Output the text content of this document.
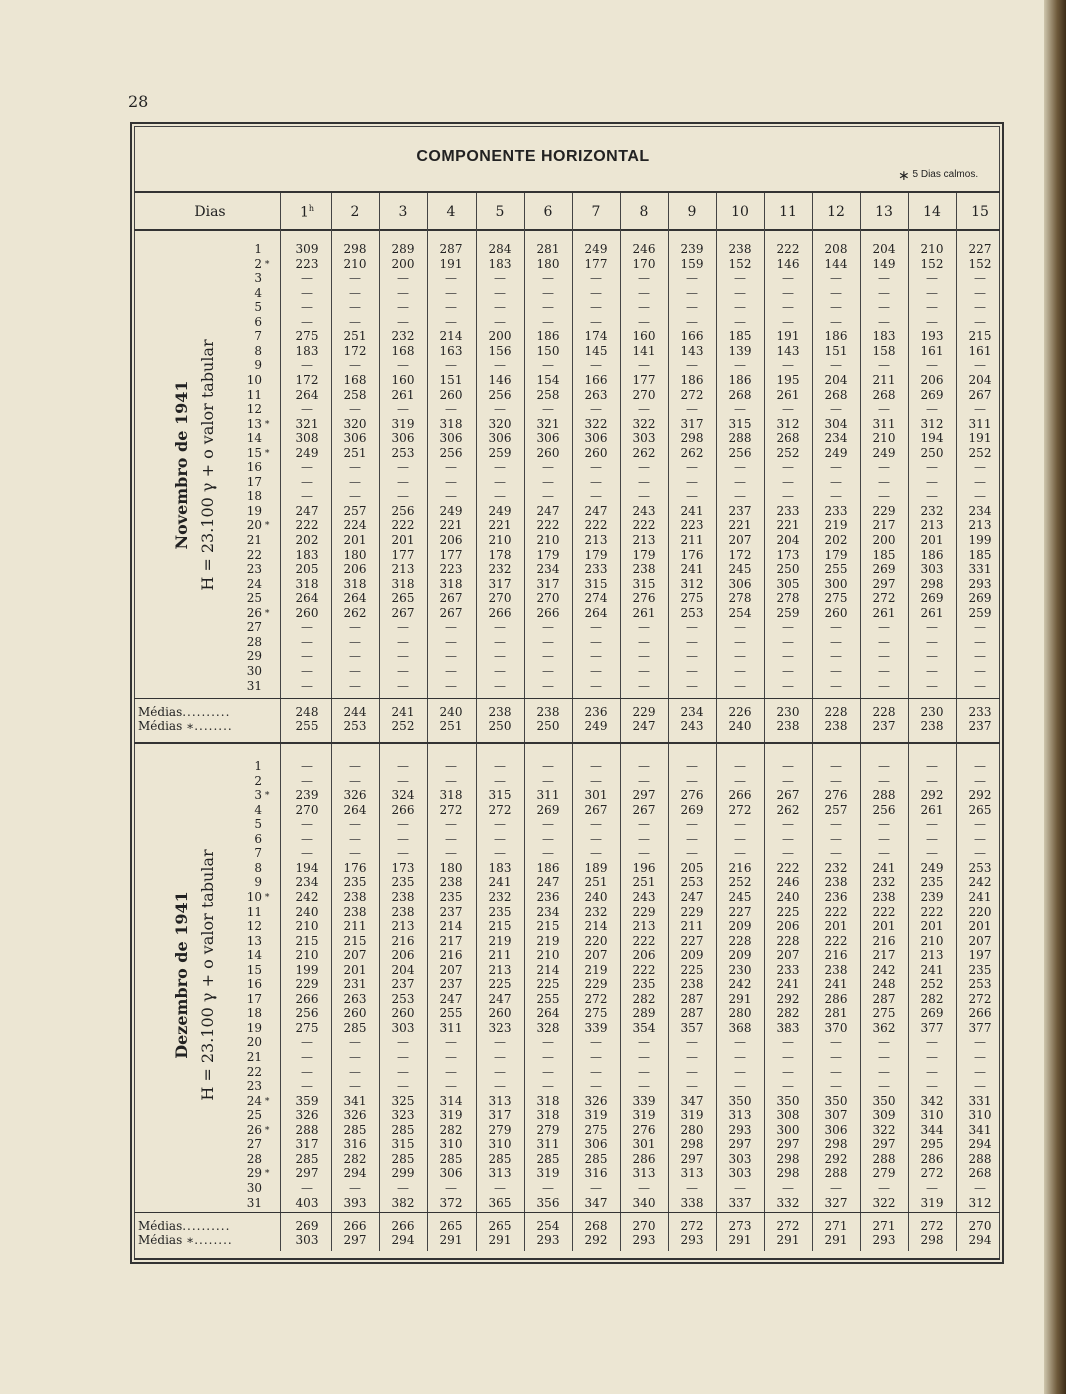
28
COMPONENTE HORIZONTAL
∗ 5 Dias calmos.
Dias	1$^h$	2	3	4	5	6	7	8	9	10	11	12	13	14	15
Novembro de 1941 H = 23.100 γ + o valor tabular
1	309	298	289	287	284	281	249	246	239	238	222	208	204	210	227
2 ∗	223	210	200	191	183	180	177	170	159	152	146	144	149	152	152
3	—	—	—	—	—	—	—	—	—	—	—	—	—	—	—
4	—	—	—	—	—	—	—	—	—	—	—	—	—	—	—
5	—	—	—	—	—	—	—	—	—	—	—	—	—	—	—
6	—	—	—	—	—	—	—	—	—	—	—	—	—	—	—
7	275	251	232	214	200	186	174	160	166	185	191	186	183	193	215
8	183	172	168	163	156	150	145	141	143	139	143	151	158	161	161
9	—	—	—	—	—	—	—	—	—	—	—	—	—	—	—
10	172	168	160	151	146	154	166	177	186	186	195	204	211	206	204
11	264	258	261	260	256	258	263	270	272	268	261	268	268	269	267
12	—	—	—	—	—	—	—	—	—	—	—	—	—	—	—
13 ∗	321	320	319	318	320	321	322	322	317	315	312	304	311	312	311
14	308	306	306	306	306	306	306	303	298	288	268	234	210	194	191
15 ∗	249	251	253	256	259	260	260	262	262	256	252	249	249	250	252
16	—	—	—	—	—	—	—	—	—	—	—	—	—	—	—
17	—	—	—	—	—	—	—	—	—	—	—	—	—	—	—
18	—	—	—	—	—	—	—	—	—	—	—	—	—	—	—
19	247	257	256	249	249	247	247	243	241	237	233	233	229	232	234
20 ∗	222	224	222	221	221	222	222	222	223	221	221	219	217	213	213
21	202	201	201	206	210	210	213	213	211	207	204	202	200	201	199
22	183	180	177	177	178	179	179	179	176	172	173	179	185	186	185
23	205	206	213	223	232	234	233	238	241	245	250	255	269	303	331
24	318	318	318	318	317	317	315	315	312	306	305	300	297	298	293
25	264	264	265	267	270	270	274	276	275	278	278	275	272	269	269
26 ∗	260	262	267	267	266	266	264	261	253	254	259	260	261	261	259
27	—	—	—	—	—	—	—	—	—	—	—	—	—	—	—
28	—	—	—	—	—	—	—	—	—	—	—	—	—	—	—
29	—	—	—	—	—	—	—	—	—	—	—	—	—	—	—
30	—	—	—	—	—	—	—	—	—	—	—	—	—	—	—
31	—	—	—	—	—	—	—	—	—	—	—	—	—	—	—
Médias..........	248	244	241	240	238	238	236	229	234	226	230	228	228	230	233
Médias ∗........	255	253	252	251	250	250	249	247	243	240	238	238	237	238	237
Dezembro de 1941 H = 23.100 γ + o valor tabular
1	—	—	—	—	—	—	—	—	—	—	—	—	—	—	—
2	—	—	—	—	—	—	—	—	—	—	—	—	—	—	—
3 ∗	239	326	324	318	315	311	301	297	276	266	267	276	288	292	292
4	270	264	266	272	272	269	267	267	269	272	262	257	256	261	265
5	—	—	—	—	—	—	—	—	—	—	—	—	—	—	—
6	—	—	—	—	—	—	—	—	—	—	—	—	—	—	—
7	—	—	—	—	—	—	—	—	—	—	—	—	—	—	—
8	194	176	173	180	183	186	189	196	205	216	222	232	241	249	253
9	234	235	235	238	241	247	251	251	253	252	246	238	232	235	242
10 ∗	242	238	238	235	232	236	240	243	247	245	240	236	238	239	241
11	240	238	238	237	235	234	232	229	229	227	225	222	222	222	220
12	210	211	213	214	215	215	214	213	211	209	206	201	201	201	201
13	215	215	216	217	219	219	220	222	227	228	228	222	216	210	207
14	210	207	206	216	211	210	207	206	209	209	207	216	217	213	197
15	199	201	204	207	213	214	219	222	225	230	233	238	242	241	235
16	229	231	237	237	225	225	229	235	238	242	241	241	248	252	253
17	266	263	253	247	247	255	272	282	287	291	292	286	287	282	272
18	256	260	260	255	260	264	275	289	287	280	282	281	275	269	266
19	275	285	303	311	323	328	339	354	357	368	383	370	362	377	377
20	—	—	—	—	—	—	—	—	—	—	—	—	—	—	—
21	—	—	—	—	—	—	—	—	—	—	—	—	—	—	—
22	—	—	—	—	—	—	—	—	—	—	—	—	—	—	—
23	—	—	—	—	—	—	—	—	—	—	—	—	—	—	—
24 ∗	359	341	325	314	313	318	326	339	347	350	350	350	350	342	331
25	326	326	323	319	317	318	319	319	319	313	308	307	309	310	310
26 ∗	288	285	285	282	279	279	275	276	280	293	300	306	322	344	341
27	317	316	315	310	310	311	306	301	298	297	297	298	297	295	294
28	285	282	285	285	285	285	285	286	297	303	298	292	288	286	288
29 ∗	297	294	299	306	313	319	316	313	313	303	298	288	279	272	268
30	—	—	—	—	—	—	—	—	—	—	—	—	—	—	—
31	403	393	382	372	365	356	347	340	338	337	332	327	322	319	312
Médias..........	269	266	266	265	265	254	268	270	272	273	272	271	271	272	270
Médias ∗........	303	297	294	291	291	293	292	293	293	291	291	291	293	298	294
